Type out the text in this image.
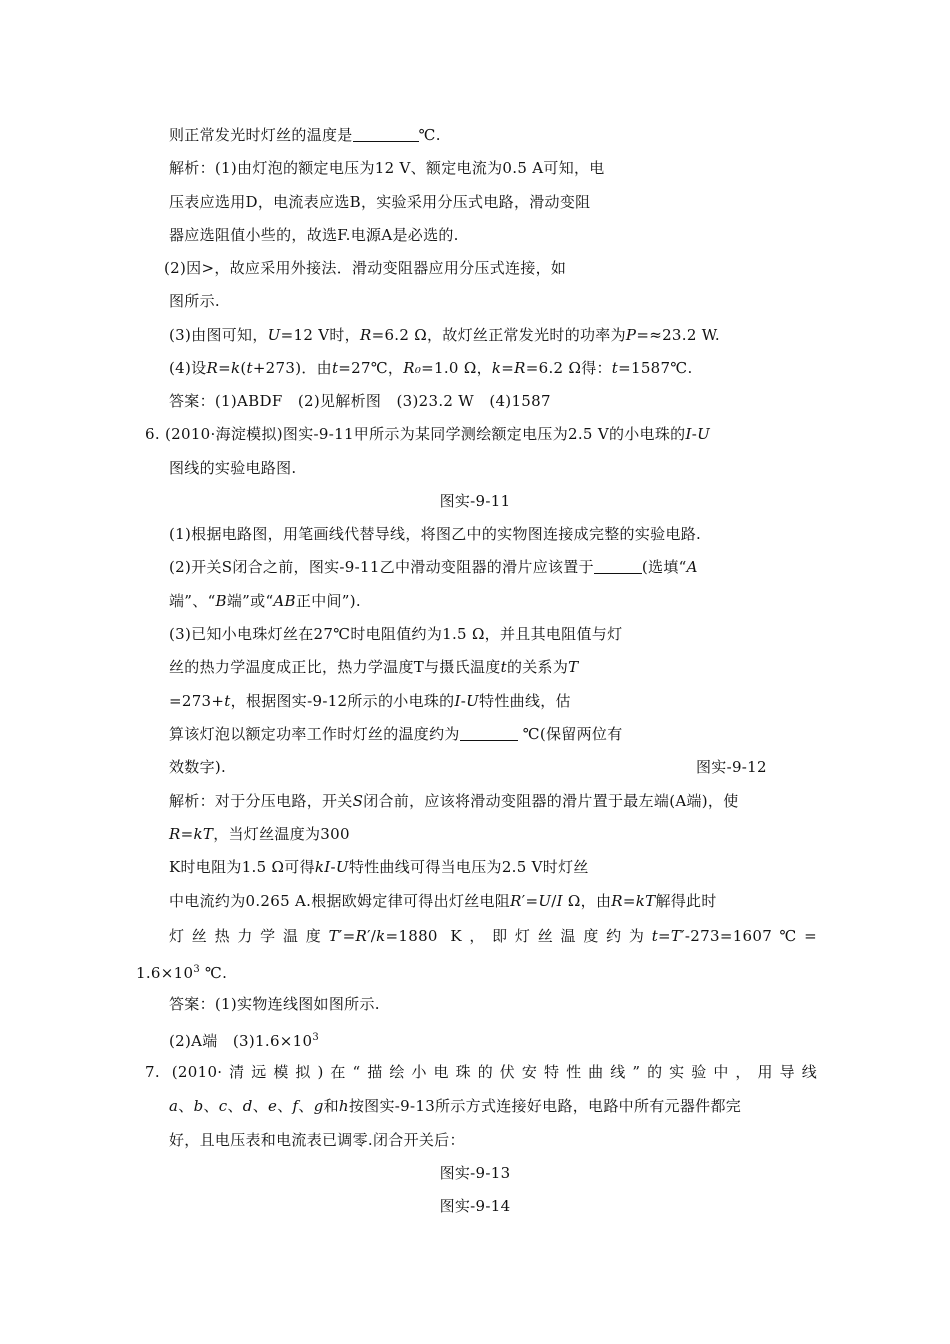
则正常发光时灯丝的温度是	℃.
解析：(1)由灯泡的额定电压为12 V、额定电流为0.5 A可知，电
压表应选用D，电流表应选B，实验采用分压式电路，滑动变阻
器应选阻值小些的，故选F.电源A是必选的.
(2)因>，故应采用外接法．滑动变阻器应用分压式连接，如
图所示.
(3)由图可知，U=12 V时，R=6.2 Ω，故灯丝正常发光时的功率为P=≈23.2 W.
(4)设R=k(t+273)．由t=27℃，R₀=1.0 Ω，k=R=6.2 Ω得：t=1587℃.
答案：(1)ABDF　(2)见解析图　(3)23.2 W　(4)1587
6. (2010·海淀模拟)图实-9-11甲所示为某同学测绘额定电压为2.5 V的小电珠的I-U
图线的实验电路图.
图实-9-11
(1)根据电路图，用笔画线代替导线，将图乙中的实物图连接成完整的实验电路.
(2)开关S闭合之前，图实-9-11乙中滑动变阻器的滑片应该置于	(选填“A
端”、“B端”或“AB正中间”).
(3)已知小电珠灯丝在27℃时电阻值约为1.5 Ω，并且其电阻值与灯
丝的热力学温度成正比，热力学温度T与摄氏温度t的关系为T
=273+t，根据图实-9-12所示的小电珠的I-U特性曲线，估
算该灯泡以额定功率工作时灯丝的温度约为	℃(保留两位有
效数字).	图实-9-12
解析：对于分压电路，开关S闭合前，应该将滑动变阻器的滑片置于最左端(A端)，使
R=kT，当灯丝温度为300
K时电阻为1.5 Ω可得kI-U特性曲线可得当电压为2.5 V时灯丝
中电流约为0.265 A.根据欧姆定律可得出灯丝电阻R′=U/I Ω，由R=kT解得此时
灯丝热力学温度T′=R′/k=1880 K，即灯丝温度约为t=T′-273=1607℃=
$1.6\times 10^3$ ℃.
答案：(1)实物连线图如图所示.
(2)A端　$(3)1.6\times 10^3$
7. (2010·清远模拟)在“描绘小电珠的伏安特性曲线”的实验中，用导线
a、b、c、d、e、f、g和h按图实-9-13所示方式连接好电路，电路中所有元器件都完
好，且电压表和电流表已调零.闭合开关后：
图实-9-13
图实-9-14
